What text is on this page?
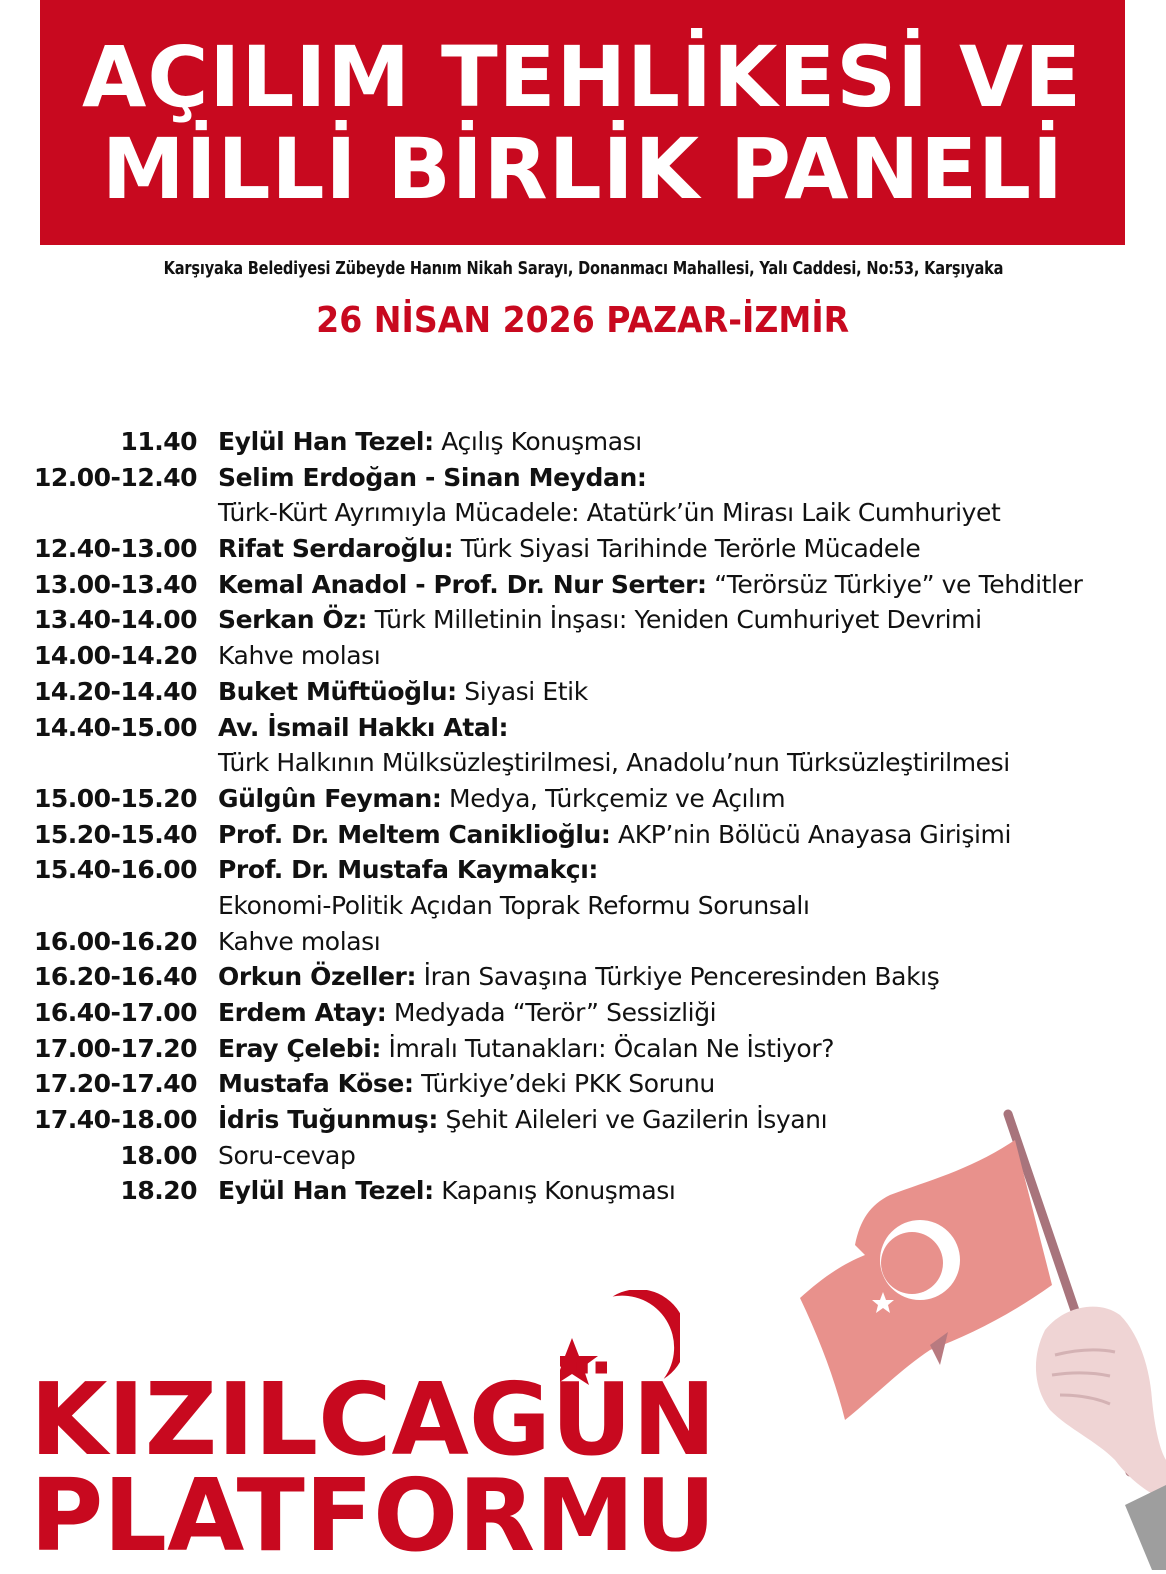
AÇILIM TEHLİKESİ VE
MİLLİ BİRLİK PANELİ
Karşıyaka Belediyesi Zübeyde Hanım Nikah Sarayı, Donanmacı Mahallesi, Yalı Caddesi, No:53, Karşıyaka
26 NİSAN 2026 PAZAR-İZMİR
11.40 Eylül Han Tezel: Açılış Konuşması
12.00-12.40 Selim Erdoğan - Sinan Meydan:
Türk-Kürt Ayrımıyla Mücadele: Atatürk’ün Mirası Laik Cumhuriyet
12.40-13.00 Rifat Serdaroğlu: Türk Siyasi Tarihinde Terörle Mücadele
13.00-13.40 Kemal Anadol - Prof. Dr. Nur Serter: “Terörsüz Türkiye” ve Tehditler
13.40-14.00 Serkan Öz: Türk Milletinin İnşası: Yeniden Cumhuriyet Devrimi
14.00-14.20 Kahve molası
14.20-14.40 Buket Müftüoğlu: Siyasi Etik
14.40-15.00 Av. İsmail Hakkı Atal:
Türk Halkının Mülksüzleştirilmesi, Anadolu’nun Türksüzleştirilmesi
15.00-15.20 Gülgûn Feyman: Medya, Türkçemiz ve Açılım
15.20-15.40 Prof. Dr. Meltem Caniklioğlu: AKP’nin Bölücü Anayasa Girişimi
15.40-16.00 Prof. Dr. Mustafa Kaymakçı:
Ekonomi-Politik Açıdan Toprak Reformu Sorunsalı
16.00-16.20 Kahve molası
16.20-16.40 Orkun Özeller: İran Savaşına Türkiye Penceresinden Bakış
16.40-17.00 Erdem Atay: Medyada “Terör” Sessizliği
17.00-17.20 Eray Çelebi: İmralı Tutanakları: Öcalan Ne İstiyor?
17.20-17.40 Mustafa Köse: Türkiye’deki PKK Sorunu
17.40-18.00 İdris Tuğunmuş: Şehit Aileleri ve Gazilerin İsyanı
18.00 Soru-cevap
18.20 Eylül Han Tezel: Kapanış Konuşması
KIZILCAGÜN
PLATFORMU
